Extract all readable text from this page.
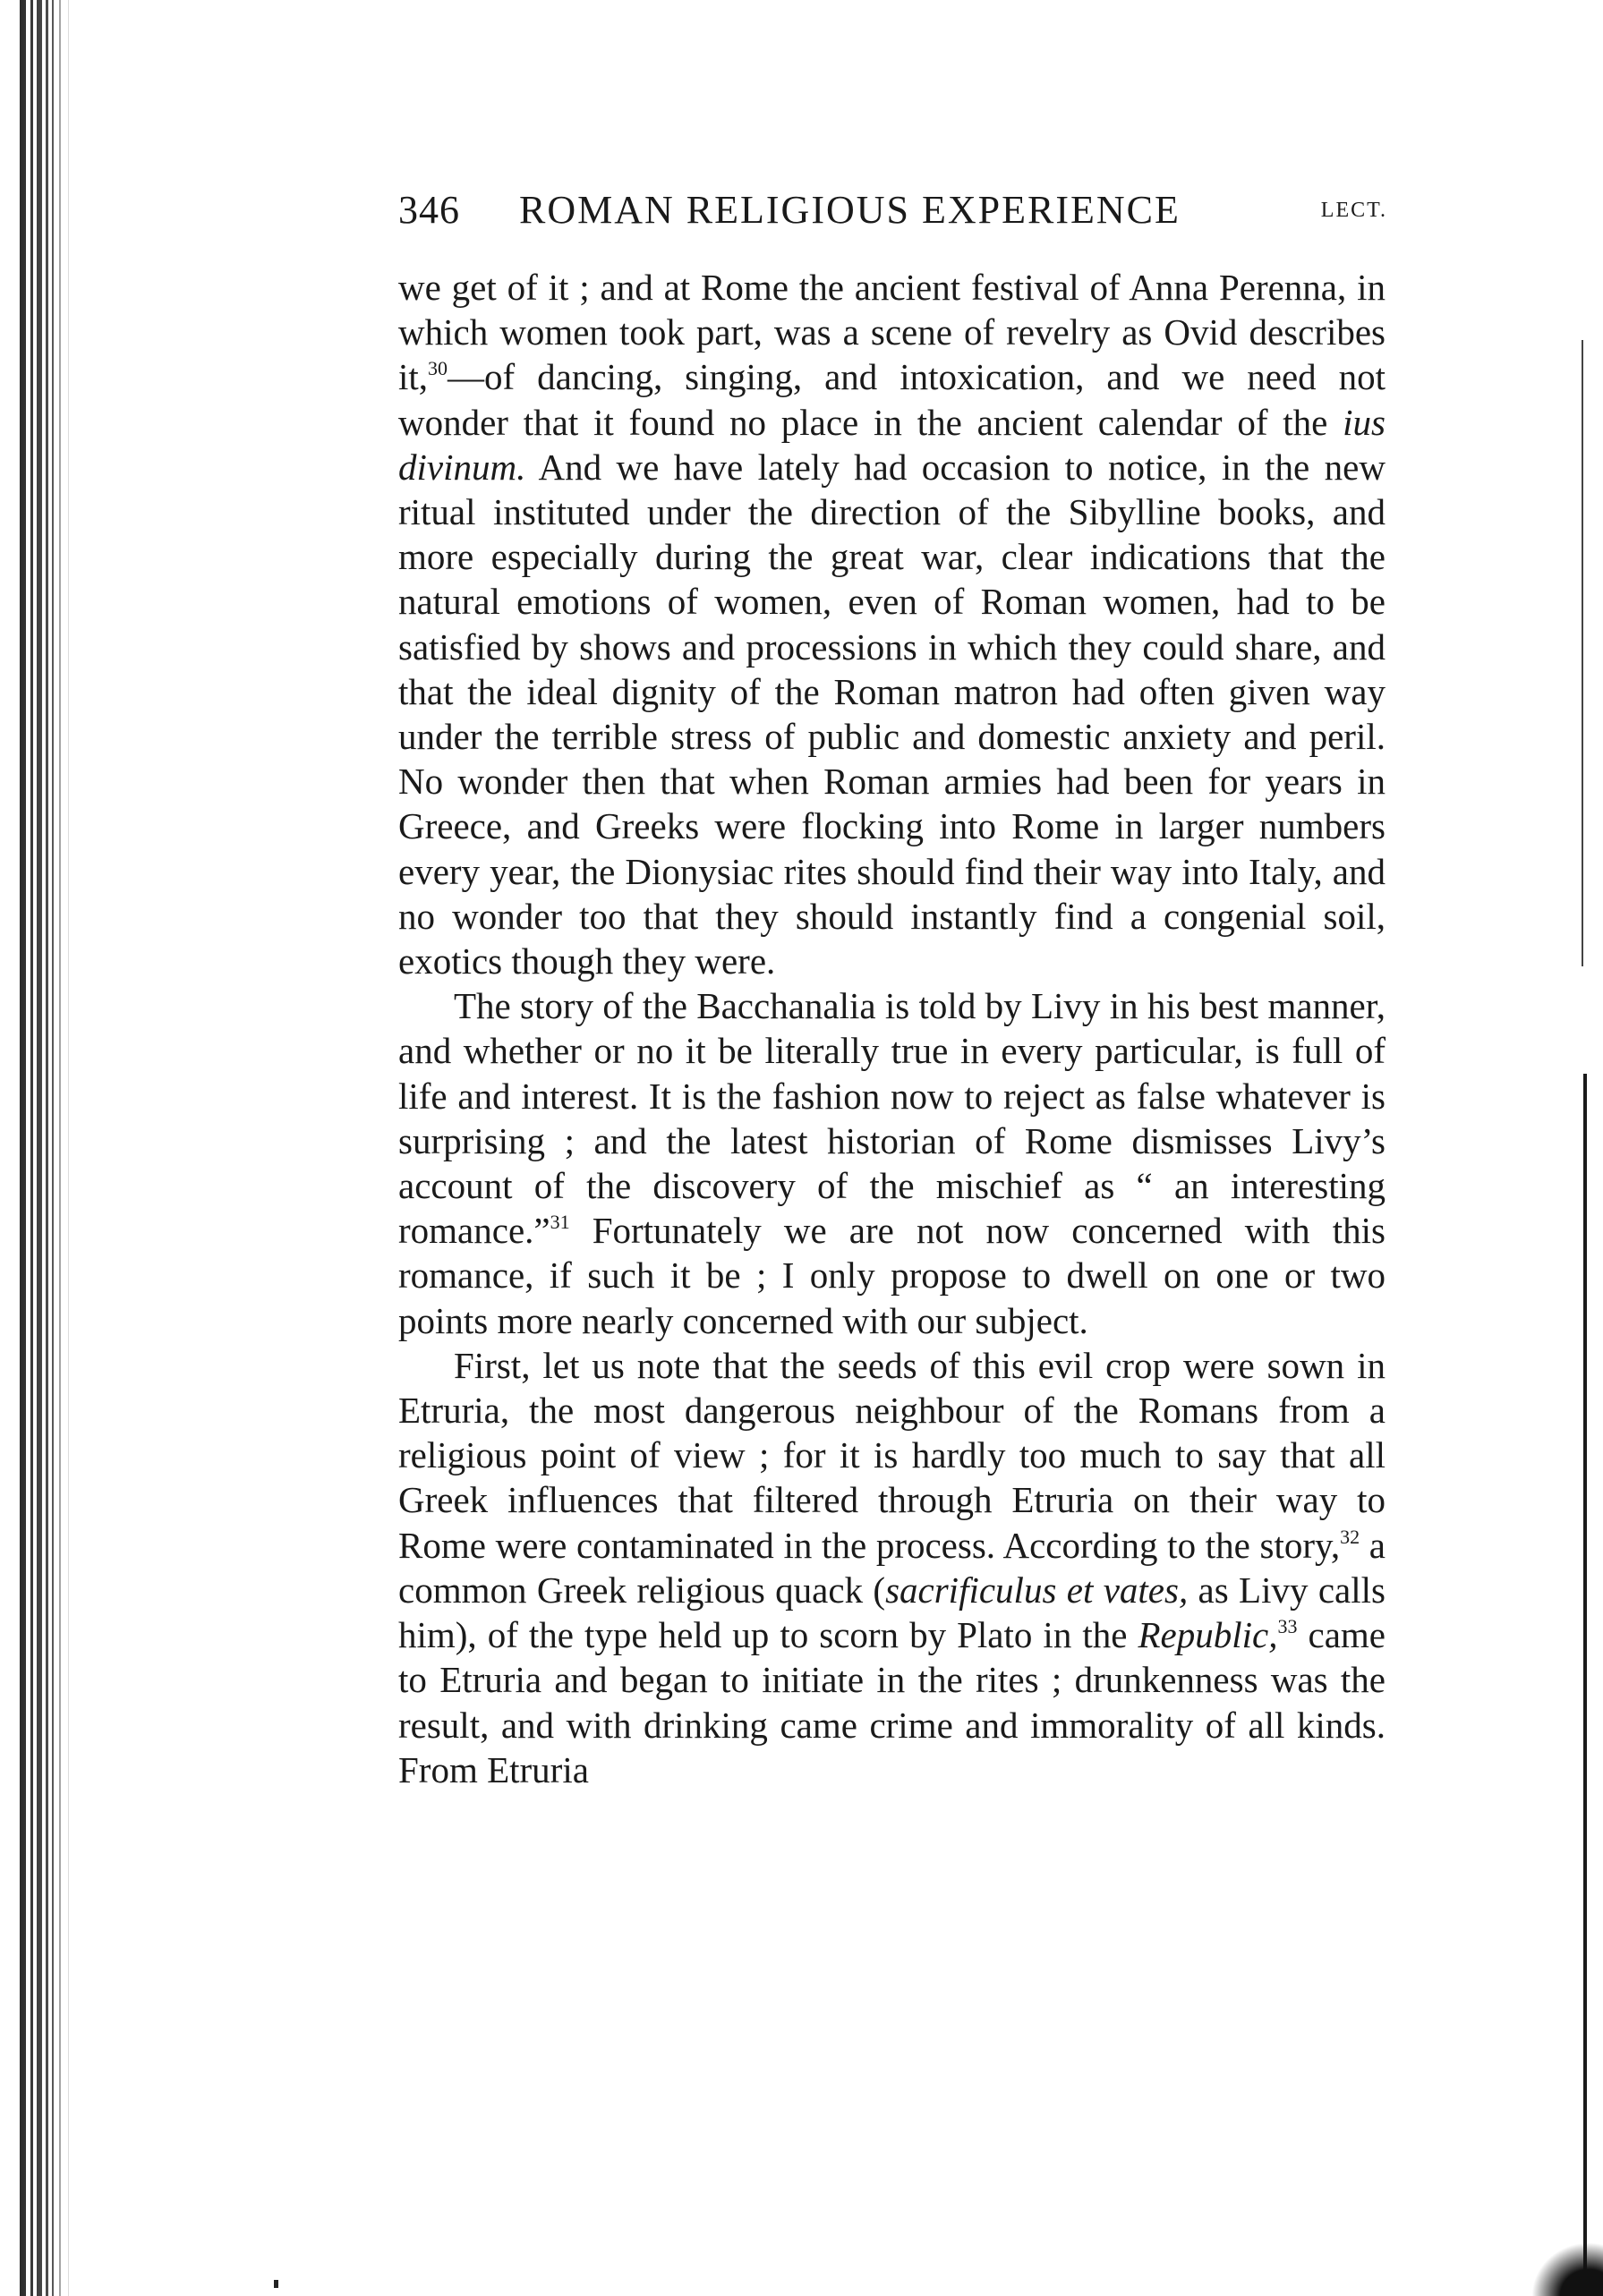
346 ROMAN RELIGIOUS EXPERIENCE	LECT.

we get of it ; and at Rome the ancient festival of Anna Perenna, in which women took part, was a scene of revelry as Ovid describes it,$^{30}$—of dancing, singing, and intoxication, and we need not wonder that it found no place in the ancient calendar of the ius divinum. And we have lately had occasion to notice, in the new ritual instituted under the direction of the Sibylline books, and more especially during the great war, clear indications that the natural emotions of women, even of Roman women, had to be satisfied by shows and processions in which they could share, and that the ideal dignity of the Roman matron had often given way under the terrible stress of public and domestic anxiety and peril. No wonder then that when Roman armies had been for years in Greece, and Greeks were flocking into Rome in larger numbers every year, the Dionysiac rites should find their way into Italy, and no wonder too that they should instantly find a congenial soil, exotics though they were.

The story of the Bacchanalia is told by Livy in his best manner, and whether or no it be literally true in every particular, is full of life and interest. It is the fashion now to reject as false whatever is surprising ; and the latest historian of Rome dismisses Livy’s account of the discovery of the mischief as “ an interesting romance.”$^{31}$ Fortunately we are not now concerned with this romance, if such it be ; I only propose to dwell on one or two points more nearly concerned with our subject.

First, let us note that the seeds of this evil crop were sown in Etruria, the most dangerous neighbour of the Romans from a religious point of view ; for it is hardly too much to say that all Greek influences that filtered through Etruria on their way to Rome were contaminated in the process. According to the story,$^{32}$ a common Greek religious quack (sacrificulus et vates, as Livy calls him), of the type held up to scorn by Plato in the Republic,$^{33}$ came to Etruria and began to initiate in the rites ; drunkenness was the result, and with drinking came crime and immorality of all kinds. From Etruria
